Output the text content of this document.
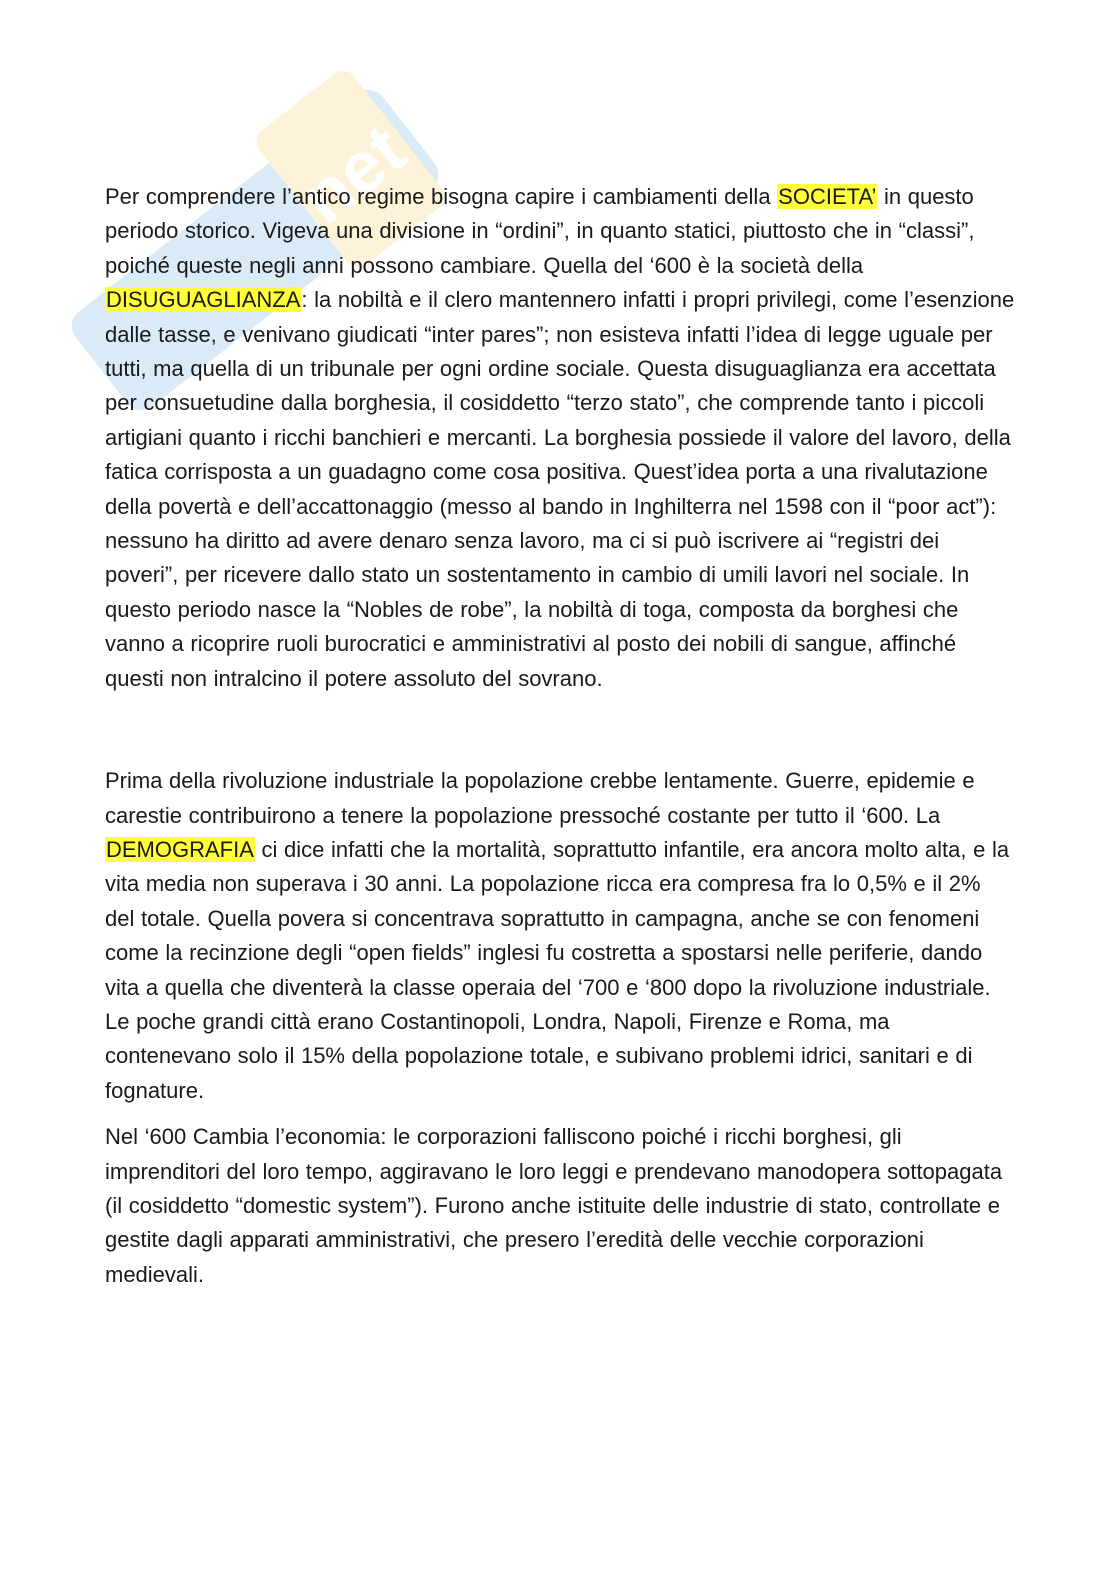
net

Per comprendere l’antico regime bisogna capire i cambiamenti della SOCIETA’ in questo periodo storico. Vigeva una divisione in “ordini”, in quanto statici, piuttosto che in “classi”, poiché queste negli anni possono cambiare. Quella del ‘600 è la società della DISUGUAGLIANZA: la nobiltà e il clero mantennero infatti i propri privilegi, come l’esenzione dalle tasse, e venivano giudicati “inter pares”; non esisteva infatti l’idea di legge uguale per tutti, ma quella di un tribunale per ogni ordine sociale. Questa disuguaglianza era accettata per consuetudine dalla borghesia, il cosiddetto “terzo stato”, che comprende tanto i piccoli artigiani quanto i ricchi banchieri e mercanti. La borghesia possiede il valore del lavoro, della fatica corrisposta a un guadagno come cosa positiva. Quest’idea porta a una rivalutazione della povertà e dell’accattonaggio (messo al bando in Inghilterra nel 1598 con il “poor act”): nessuno ha diritto ad avere denaro senza lavoro, ma ci si può iscrivere ai “registri dei poveri”, per ricevere dallo stato un sostentamento in cambio di umili lavori nel sociale. In questo periodo nasce la “Nobles de robe”, la nobiltà di toga, composta da borghesi che vanno a ricoprire ruoli burocratici e amministrativi al posto dei nobili di sangue, affinché questi non intralcino il potere assoluto del sovrano.

Prima della rivoluzione industriale la popolazione crebbe lentamente. Guerre, epidemie e carestie contribuirono a tenere la popolazione pressoché costante per tutto il ‘600. La DEMOGRAFIA ci dice infatti che la mortalità, soprattutto infantile, era ancora molto alta, e la vita media non superava i 30 anni. La popolazione ricca era compresa fra lo 0,5% e il 2% del totale. Quella povera si concentrava soprattutto in campagna, anche se con fenomeni come la recinzione degli “open fields” inglesi fu costretta a spostarsi nelle periferie, dando vita a quella che diventerà la classe operaia del ‘700 e ‘800 dopo la rivoluzione industriale. Le poche grandi città erano Costantinopoli, Londra, Napoli, Firenze e Roma, ma contenevano solo il 15% della popolazione totale, e subivano problemi idrici, sanitari e di fognature.

Nel ‘600 Cambia l’economia: le corporazioni falliscono poiché i ricchi borghesi, gli imprenditori del loro tempo, aggiravano le loro leggi e prendevano manodopera sottopagata (il cosiddetto “domestic system”). Furono anche istituite delle industrie di stato, controllate e gestite dagli apparati amministrativi, che presero l’eredità delle vecchie corporazioni medievali.
